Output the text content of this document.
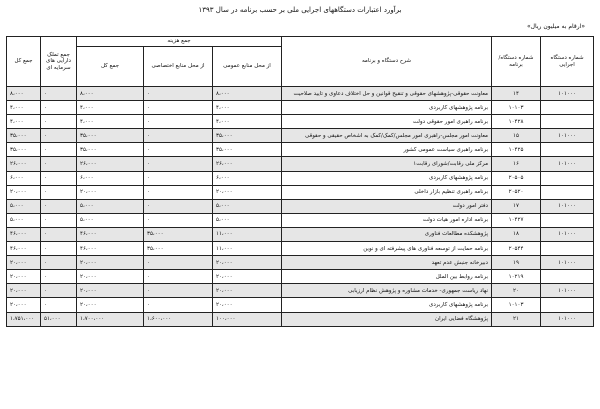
برآورد اعتبارات دستگاههای اجرایی ملی بر حسب برنامه در سال ۱۳۹۳
«ارقام به میلیون ریال»
شماره دستگاه اجرایی	شماره دستگاه/ برنامه	شرح دستگاه و برنامه	جمع هزینه			جمع تملک دارایی های سرمایه ای	جمع کل
			از محل منابع عمومی	از محل منابع اختصاصی	جمع کل		
۱۰۱۰۰۰	۱۴	معاونت حقوقی-پژوهشهای حقوقی و تنقیح قوانین و حل اختلاف دعاوی و تایید صلاحیت	۸،۰۰۰	۰	۸،۰۰۰	۰	۸،۰۰۰
	۱۰۱۰۳	برنامه پژوهشهای کاربردی	۴،۰۰۰	۰	۴،۰۰۰	۰	۴،۰۰۰
	۱۰۴۲۸	برنامه راهبری امور حقوقی دولت	۴،۰۰۰	۰	۴،۰۰۰	۰	۴،۰۰۰
۱۰۱۰۰۰	۱۵	معاونت امور مجلس-راهبری امور مجلس/کمک/کمک به اشخاص حقیقی و حقوقی	۳۵،۰۰۰	۰	۳۵،۰۰۰	۰	۳۵،۰۰۰
	۱۰۴۲۵	برنامه راهبری سیاست عمومی کشور	۳۵،۰۰۰	۰	۳۵،۰۰۰	۰	۳۵،۰۰۰
۱۰۱۰۰۰	۱۶	مرکز ملی رقابت/شورای رقابت۱	۲۶،۰۰۰	۰	۲۶،۰۰۰	۰	۲۶،۰۰۰
	۲۰۵۰۵	برنامه پژوهشهای کاربردی	۶،۰۰۰	۰	۶،۰۰۰	۰	۶،۰۰۰
	۲۰۵۲۰	برنامه راهبری تنظیم بازار داخلی	۲۰،۰۰۰	۰	۲۰،۰۰۰	۰	۲۰،۰۰۰
۱۰۱۰۰۰	۱۷	دفتر امور دولت	۵،۰۰۰	۰	۵،۰۰۰	۰	۵،۰۰۰
	۱۰۴۲۷	برنامه اداره امور هیات دولت	۵،۰۰۰	۰	۵،۰۰۰	۰	۵،۰۰۰
۱۰۱۰۰۰	۱۸	پژوهشکده مطالعات فناوری	۱۱،۰۰۰	۳۵،۰۰۰	۴۶،۰۰۰	۰	۴۶،۰۰۰
	۲۰۵۴۴	برنامه حمایت از توسعه فناوری های پیشرفته ای و نوین	۱۱،۰۰۰	۳۵،۰۰۰	۴۶،۰۰۰	۰	۴۶،۰۰۰
۱۰۱۰۰۰	۱۹	دبیرخانه جنبش عدم تعهد	۲۰،۰۰۰	۰	۲۰،۰۰۰	۰	۲۰،۰۰۰
	۱۰۲۱۹	برنامه روابط بین الملل	۲۰،۰۰۰	۰	۲۰،۰۰۰	۰	۲۰،۰۰۰
۱۰۱۰۰۰	۲۰	نهاد ریاست جمهوری- خدمات مشاوره و پژوهش نظام ارزیابی	۲۰،۰۰۰	۰	۲۰،۰۰۰	۰	۲۰،۰۰۰
	۱۰۱۰۳	برنامه پژوهشهای کاربردی	۲۰،۰۰۰	۰	۲۰،۰۰۰	۰	۲۰،۰۰۰
۱۰۱۰۰۰	۲۱	پژوهشگاه فضایی ایران	۱۰۰،۰۰۰	۱،۶۰۰،۰۰۰	۱،۷۰۰،۰۰۰	۵۱،۰۰۰	۱،۷۵۱،۰۰۰
